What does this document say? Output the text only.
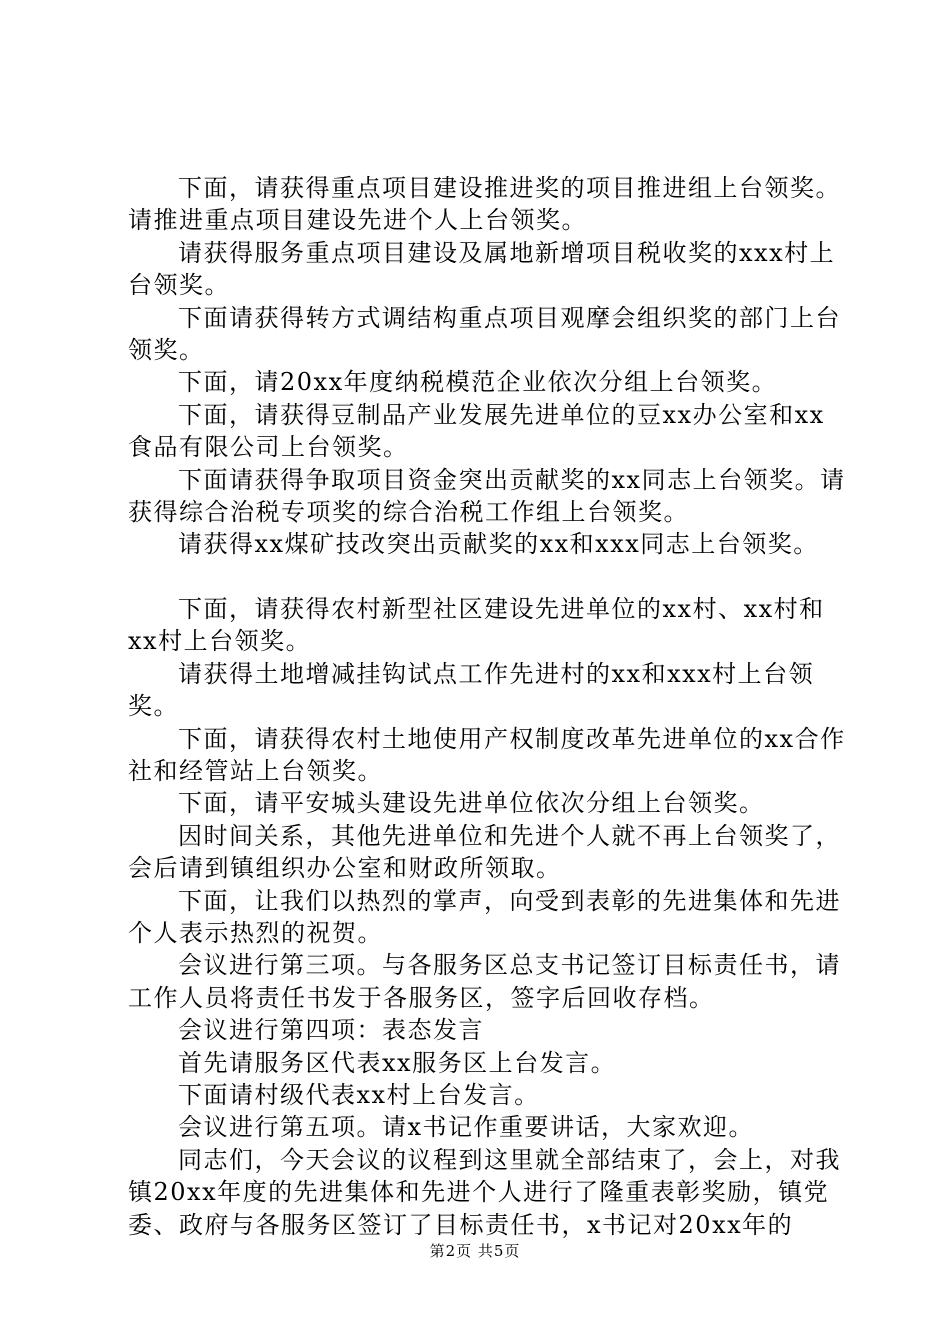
下面，请获得重点项目建设推进奖的项目推进组上台领奖。请推进重点项目建设先进个人上台领奖。

请获得服务重点项目建设及属地新增项目税收奖的xxx村上台领奖。

下面请获得转方式调结构重点项目观摩会组织奖的部门上台领奖。

下面，请20xx年度纳税模范企业依次分组上台领奖。

下面，请获得豆制品产业发展先进单位的豆xx办公室和xx食品有限公司上台领奖。

下面请获得争取项目资金突出贡献奖的xx同志上台领奖。请获得综合治税专项奖的综合治税工作组上台领奖。

请获得xx煤矿技改突出贡献奖的xx和xxx同志上台领奖。

下面，请获得农村新型社区建设先进单位的xx村、xx村和xx村上台领奖。

请获得土地增减挂钩试点工作先进村的xx和xxx村上台领奖。

下面，请获得农村土地使用产权制度改革先进单位的xx合作社和经管站上台领奖。

下面，请平安城头建设先进单位依次分组上台领奖。

因时间关系，其他先进单位和先进个人就不再上台领奖了，会后请到镇组织办公室和财政所领取。

下面，让我们以热烈的掌声，向受到表彰的先进集体和先进个人表示热烈的祝贺。

会议进行第三项。与各服务区总支书记签订目标责任书，请工作人员将责任书发于各服务区，签字后回收存档。

会议进行第四项：表态发言

首先请服务区代表xx服务区上台发言。

下面请村级代表xx村上台发言。

会议进行第五项。请x书记作重要讲话，大家欢迎。

同志们，今天会议的议程到这里就全部结束了，会上，对我镇20xx年度的先进集体和先进个人进行了隆重表彰奖励，镇党委、政府与各服务区签订了目标责任书，x书记对20xx年的

第2页 共5页
